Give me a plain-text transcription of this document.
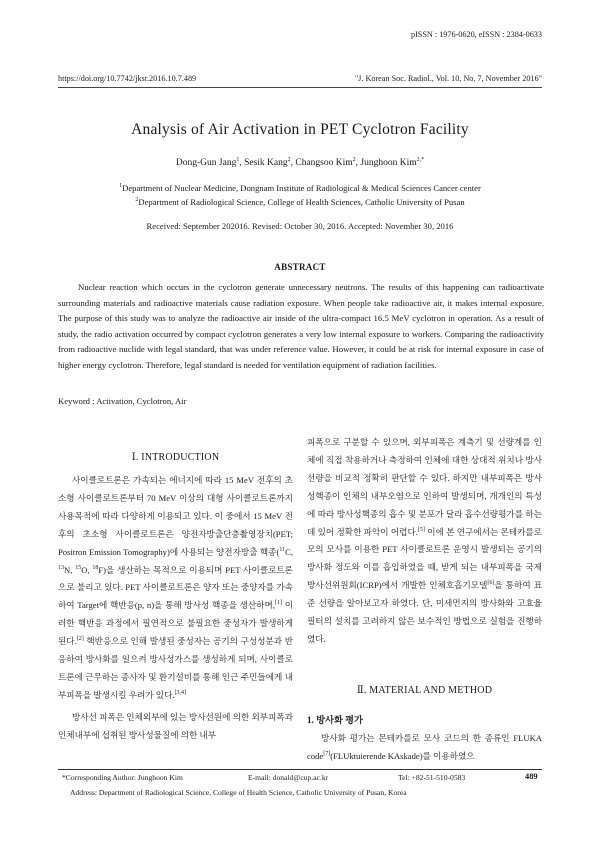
pISSN : 1976-0620, eISSN : 2384-0633
https://doi.org/10.7742/jksr.2016.10.7.489	"J. Korean Soc. Radiol., Vol. 10, No. 7, November 2016"
Analysis of Air Activation in PET Cyclotron Facility
Dong-Gun Jang$^1$, Sesik Kang$^2$, Changsoo Kim$^2$, Junghoon Kim$^{2,*}$
$^1$Department of Nuclear Medicine, Dongnam Institute of Radiological & Medical Sciences Cancer center
$^2$Department of Radiological Science, College of Health Sciences, Catholic University of Pusan
Received: September 202016. Revised: October 30, 2016. Accepted: November 30, 2016
ABSTRACT

Nuclear reaction which occurs in the cyclotron generate unnecessary neutrons. The results of this happening can radioactivate surrounding materials and radioactive materials cause radiation exposure. When people take radioactive air, it makes internal exposure. The purpose of this study was to analyze the radioactive air inside of the ultra-compact 16.5 MeV cyclotron in operation. As a result of study, the radio activation occurred by compact cyclotron generates a very low internal exposure to workers. Comparing the radioactivity from radioactive nuclide with legal standard, that was under reference value. However, it could be at risk for internal exposure in case of higher energy cyclotron. Therefore, legal standard is needed for ventilation equipment of radiation facilities.

Keyword : Activation, Cyclotron, Air
Ⅰ. INTRODUCTION

사이클로트론은 가속되는 에너지에 따라 15 MeV 전후의 초소형 사이클로트론부터 70 MeV 이상의 대형 사이클로트론까지 사용목적에 따라 다양하게 이용되고 있다. 이 중에서 15 MeV 전후의 초소형 사이클로트론은 양전자방출단층촬영장치(PET; Positron Emission Tomography)에 사용되는 양전자방출 핵종($^{11}$C, $^{13}$N, $^{15}$O, $^{18}$F)을 생산하는 목적으로 이용되며 PET 사이클로트론으로 불리고 있다. PET 사이클로트론은 양자 또는 중양자를 가속하여 Target에 핵반응(p, n)을 통해 방사성 핵종을 생산하며,[1] 이러한 핵반응 과정에서 필연적으로 불필요한 중성자가 발생하게 된다.[2] 핵반응으로 인해 발생된 중성자는 공기의 구성성분과 반응하여 방사화를 일으켜 방사성가스를 생성하게 되며, 사이클로트론에 근무하는 종사자 및 환기설비를 통해 인근 주민들에게 내부피폭을 발생시킬 우려가 있다.[3,4]

방사선 피폭은 인체외부에 있는 방사선원에 의한 외부피폭과 인체내부에 섭취된 방사성물질에 의한 내부

피폭으로 구분할 수 있으며, 외부피폭은 계측기 및 선량계를 인체에 직접 착용하거나 측정하여 인체에 대한 상대적 위치나 방사선량을 비교적 정확히 판단할 수 있다. 하지만 내부피폭은 방사성핵종이 인체의 내부오염으로 인하여 발생되며, 개개인의 특성에 따라 방사성핵종의 흡수 및 분포가 달라 흡수선량평가를 하는데 있어 정확한 파악이 어렵다.[5] 이에 본 연구에서는 몬테카를로 모의 모사를 이용한 PET 사이클로트론 운영시 발생되는 공기의 방사화 정도와 이를 흡입하였을 때, 받게 되는 내부피폭을 국제방사선위원회(ICRP)에서 개발한 인체호흡기모델[6]을 통하여 표준 선량을 알아보고자 하였다. 단, 미세먼지의 방사화와 고효율필터의 설치를 고려하지 않은 보수적인 방법으로 실험을 진행하였다.

Ⅱ. MATERIAL AND METHOD
1. 방사화 평가

방사화 평가는 몬테카를로 모사 코드의 한 종류인 FLUKA code[7](FLUktuierende KAskade)를 이용하였으

*Corresponding Author: Junghoon Kim	E-mail: donald@cup.ac.kr	Tel: +82-51-510-0583	489
Address: Department of Radiological Science, College of Health Science, Catholic University of Pusan, Korea
